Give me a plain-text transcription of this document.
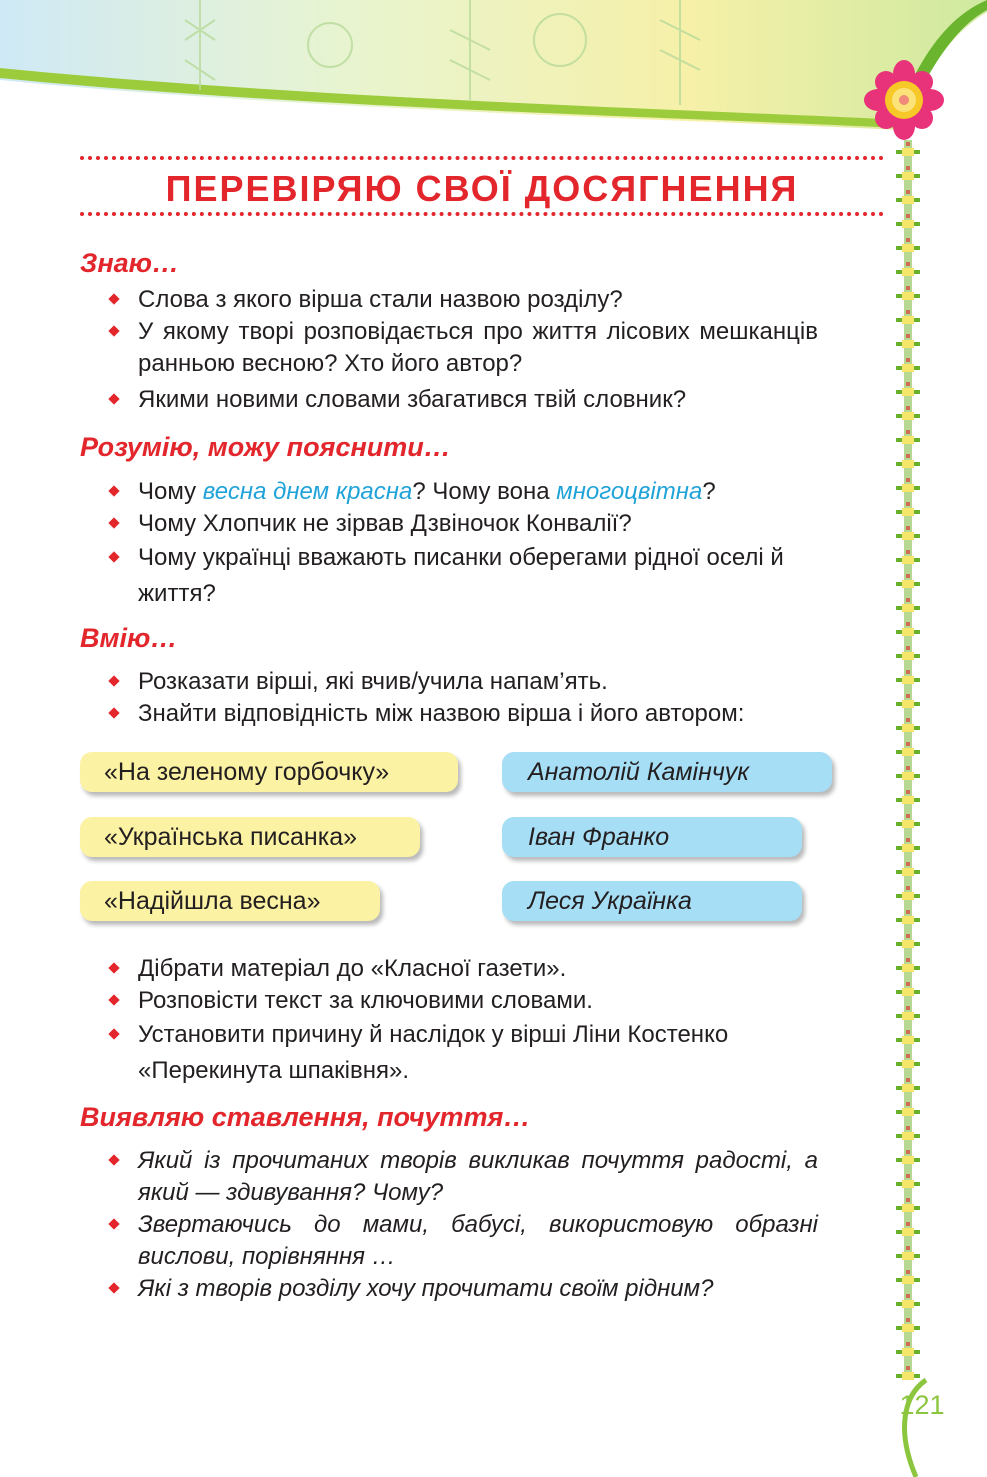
ПЕРЕВІРЯЮ СВОЇ ДОСЯГНЕННЯ
Знаю…
Слова з якого вірша стали назвою розділу?
У якому творі розповідається про життя лісових мешканців ранньою весною? Хто його автор?
Якими новими словами збагатився твій словник?
Розумію, можу пояснити…
Чому весна днем красна? Чому вона многоцвітна?
Чому Хлопчик не зірвав Дзвіночок Конвалії?
Чому українці вважають писанки оберегами рідної оселі й життя?
Вмію…
Розказати вірші, які вчив/учила напам’ять.
Знайти відповідність між назвою вірша і його автором:
«На зеленому горбочку»
«Українська писанка»
«Надійшла весна»
Анатолій Камінчук
Іван Франко
Леся Українка
Дібрати матеріал до «Класної газети».
Розповісти текст за ключовими словами.
Установити причину й наслідок у вірші Ліни Костенко «Перекинута шпаківня».
Виявляю ставлення, почуття…
Який із прочитаних творів викликав почуття радості, а який — здивування? Чому?
Звертаючись до мами, бабусі, використовую образні вислови, порівняння …
Які з творів розділу хочу прочитати своїм рідним?
121
